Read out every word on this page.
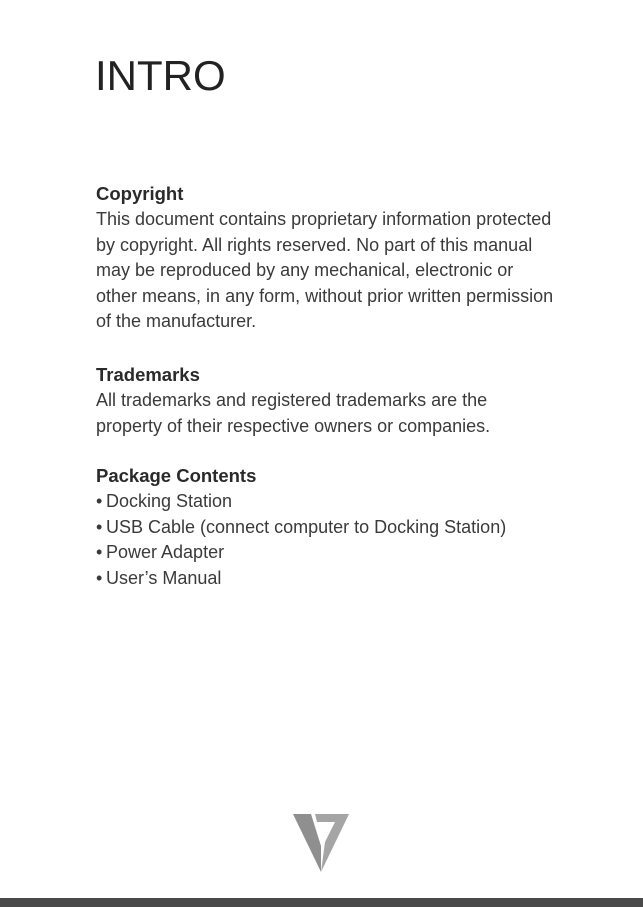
INTRO
Copyright

This document contains proprietary information protected by copyright. All rights reserved. No part of this manual may be reproduced by any mechanical, electronic or other means, in any form, without prior written permission of the manufacturer.

Trademarks

All trademarks and registered trademarks are the property of their respective owners or companies.

Package Contents
• Docking Station
• USB Cable (connect computer to Docking Station)
• Power Adapter
• User’s Manual
